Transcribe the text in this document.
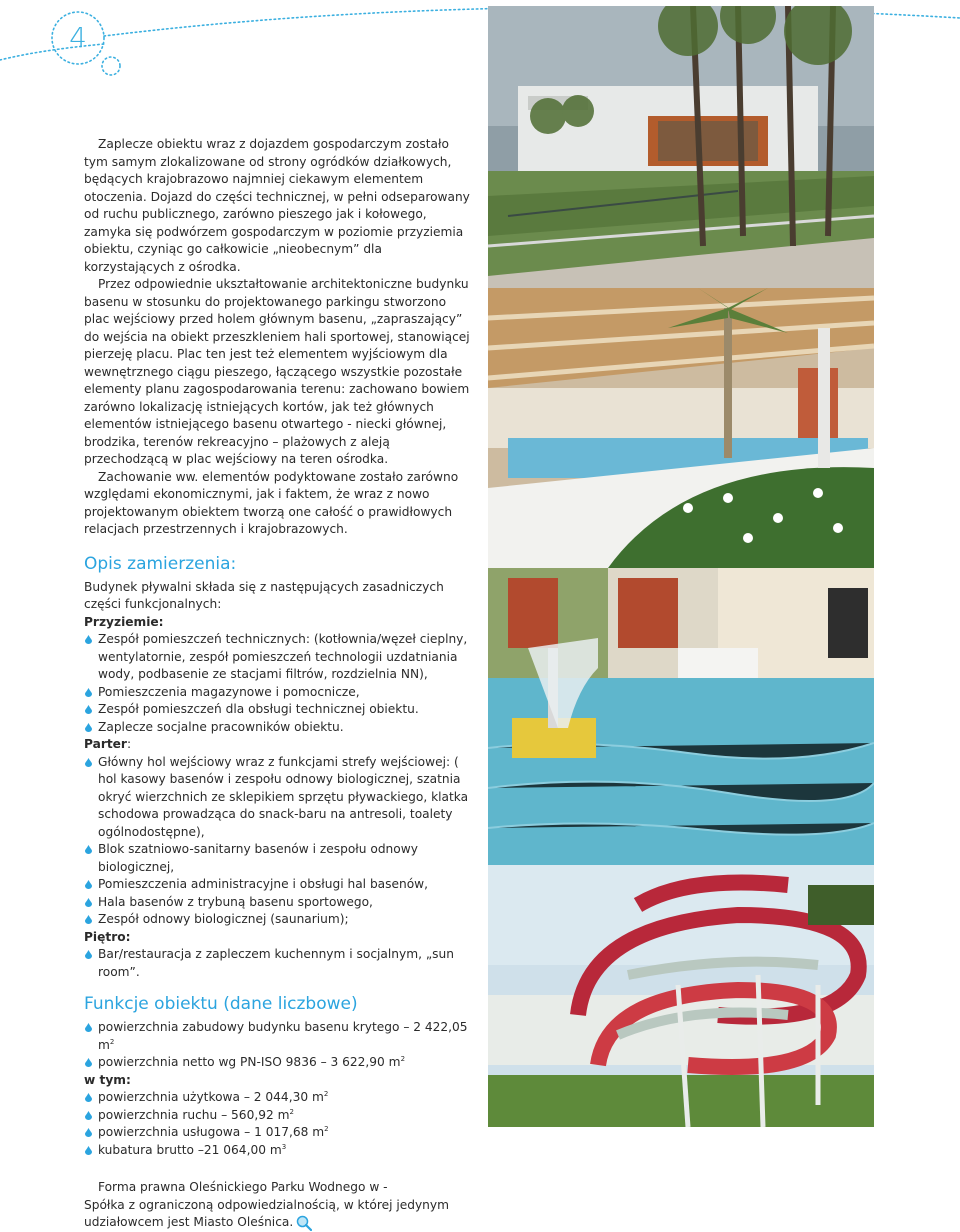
4

Zaplecze obiektu wraz z dojazdem gospodarczym zostało tym samym zlokalizowane od strony ogródków działkowych, będących krajobrazowo najmniej ciekawym elementem otoczenia. Dojazd do części technicznej, w pełni odseparowany od ruchu publicznego, zarówno pieszego jak i kołowego, zamyka się podwórzem gospodarczym w poziomie przyziemia obiektu, czyniąc go całkowicie „nieobecnym” dla korzystających z ośrodka.

Przez odpowiednie ukształtowanie architektoniczne budynku basenu w stosunku do projektowanego parkingu stworzono plac wejściowy przed holem głównym basenu, „zapraszający” do wejścia na obiekt przeszkleniem hali sportowej, stanowiącej pierzeję placu. Plac ten jest też elementem wyjściowym dla wewnętrznego ciągu pieszego, łączącego wszystkie pozostałe elementy planu zagospodarowania terenu: zachowano bowiem zarówno lokalizację istniejących kortów, jak też głównych elementów istniejącego basenu otwartego - niecki głównej, brodzika, terenów rekreacyjno – plażowych z aleją przechodzącą w plac wejściowy na teren ośrodka.

Zachowanie ww. elementów podyktowane zostało zarówno względami ekonomicznymi, jak i faktem, że wraz z nowo projektowanym obiektem tworzą one całość o prawidłowych relacjach przestrzennych i krajobrazowych.

Opis zamierzenia:

Budynek pływalni składa się z następujących zasadniczych części funkcjonalnych:

Przyziemie:

Zespół pomieszczeń technicznych: (kotłownia/węzeł cieplny, wentylatornie, zespół pomieszczeń technologii uzdatniania wody, podbasenie ze stacjami filtrów, rozdzielnia NN),
Pomieszczenia magazynowe i pomocnicze,
Zespół pomieszczeń dla obsługi technicznej obiektu.
Zaplecze socjalne pracowników obiektu.

Parter:

Główny hol wejściowy wraz z funkcjami strefy wejściowej: ( hol kasowy basenów i zespołu odnowy biologicznej, szatnia okryć wierzchnich ze sklepikiem sprzętu pływackiego, klatka schodowa prowadząca do snack-baru na antresoli, toalety ogólnodostępne),
Blok szatniowo-sanitarny basenów i zespołu odnowy biologicznej,
Pomieszczenia administracyjne i obsługi hal basenów,
Hala basenów z trybuną basenu sportowego,
Zespół odnowy biologicznej (saunarium);

Piętro:

Bar/restauracja z zapleczem kuchennym i socjalnym, „sun room”.
Funkcje obiektu (dane liczbowe)
powierzchnia zabudowy budynku basenu krytego – 2 422,05 $m^2$
powierzchnia netto wg PN-ISO 9836 – 3 622,90 $m^2$

w tym:

powierzchnia użytkowa – 2 044,30 $m^2$
powierzchnia ruchu – 560,92 $m^2$
powierzchnia usługowa – 1 017,68 $m^2$
kubatura brutto –21 064,00 $m^3$

Forma prawna Oleśnickiego Parku Wodnego w -

Spółka z ograniczoną odpowiedzialnością, w której jedynym udziałowcem jest Miasto Oleśnica.
